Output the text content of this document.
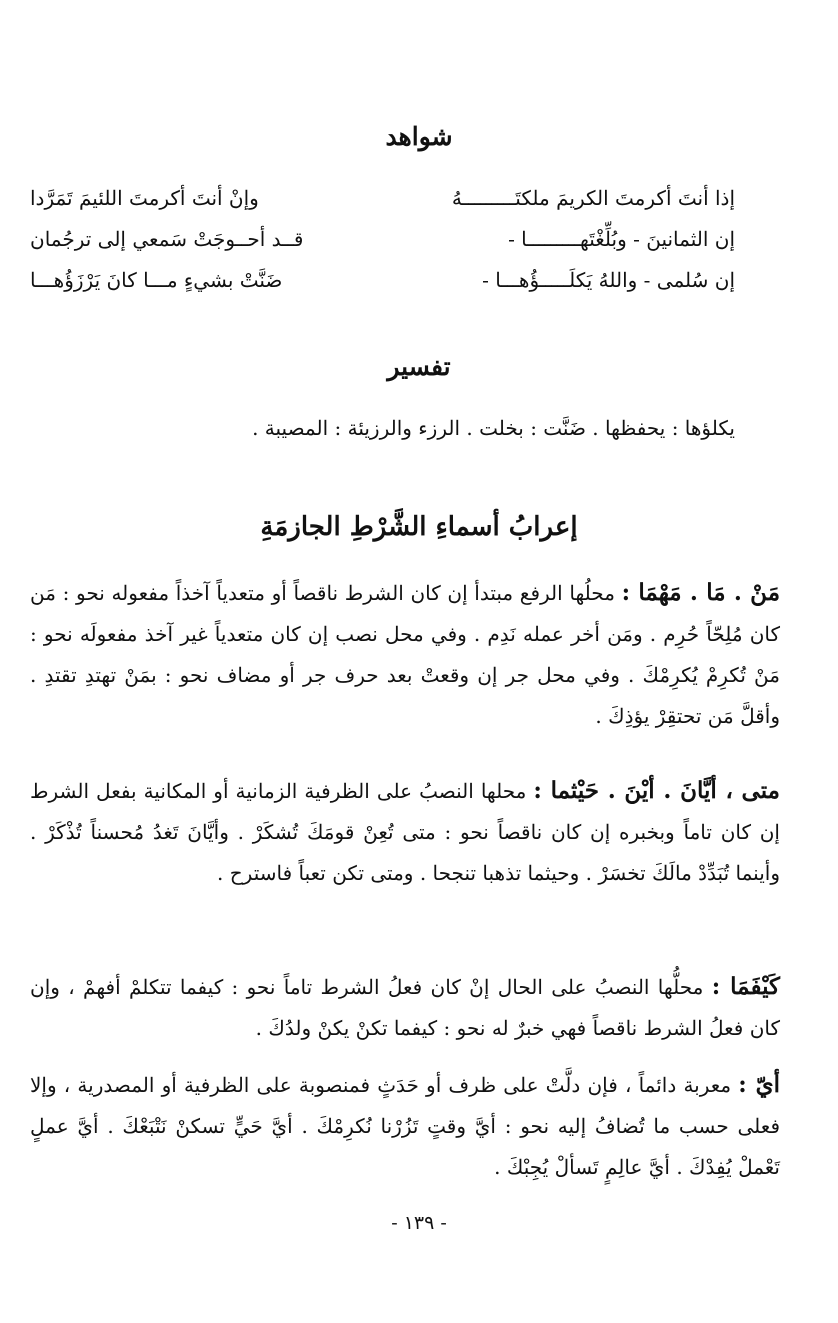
شواهد
إذا أنتَ أكرمتَ الكريمَ ملكتَـــــــــهُ
وإنْ أنتَ أكرمتَ اللئيمَ تَمَرَّدا
إن الثمانينَ - وبُلِّغْتَهـــــــــا -
قــد أحــوجَتْ سَمعي إلى ترجُمان
إن سُلمى - واللهُ يَكلَـــــؤُهـــا -
ضَنَّتْ بشيءٍ مـــا كانَ يَرْزَؤُهـــا
تفسير
يكلؤها : يحفظها . ضَنَّت : بخلت . الرزء والرزيئة : المصيبة .
إعرابُ أسماءِ الشَّرْطِ الجازمَةِ
مَنْ . مَا . مَهْمَا : محلُها الرفع مبتدأ إن كان الشرط ناقصاً أو متعدياً آخذاً مفعوله نحو : مَن كان مُلِحّاً حُرِم . ومَن أخر عمله نَدِم . وفي محل نصب إن كان متعدياً غير آخذ مفعولَه نحو : مَنْ تُكرِمْ يُكرِمْكَ . وفي محل جر إن وقعتْ بعد حرف جر أو مضاف نحو : بمَنْ تهتدِ تقتدِ . وأقلَّ مَن تحتقِرْ يؤذِكَ .
متى ، أيَّانَ . أيْنَ . حَيْثما : محلها النصبُ على الظرفية الزمانية أو المكانية بفعل الشرط إن كان تاماً وبخبره إن كان ناقصاً نحو : متى تُعِنْ قومَكَ تُشكَرْ . وأيَّانَ تَغدُ مُحسناً تُذْكَرْ . وأينما تُبَدِّدْ مالَكَ تخسَرْ . وحيثما تذهبا تنجحا . ومتى تكن تعباً فاسترح .
كَيْفَمَا : محلُّها النصبُ على الحال إنْ كان فعلُ الشرط تاماً نحو : كيفما تتكلمْ أفهمْ ، وإن كان فعلُ الشرط ناقصاً فهي خبرٌ له نحو : كيفما تكنْ يكنْ ولدُكَ .
أيّ : معربة دائماً ، فإن دلَّتْ على ظرف أو حَدَثٍ فمنصوبة على الظرفية أو المصدرية ، وإلا فعلى حسب ما تُضافُ إليه نحو : أيَّ وقتٍ تَزُرْنا نُكرِمْكَ . أيَّ حَيٍّ تسكنْ نَتْبَعْكَ . أيَّ عملٍ تَعْملْ يُفِدْكَ . أيَّ عالِمٍ تَسألْ يُجِبْكَ .
- ١٣٩ -
